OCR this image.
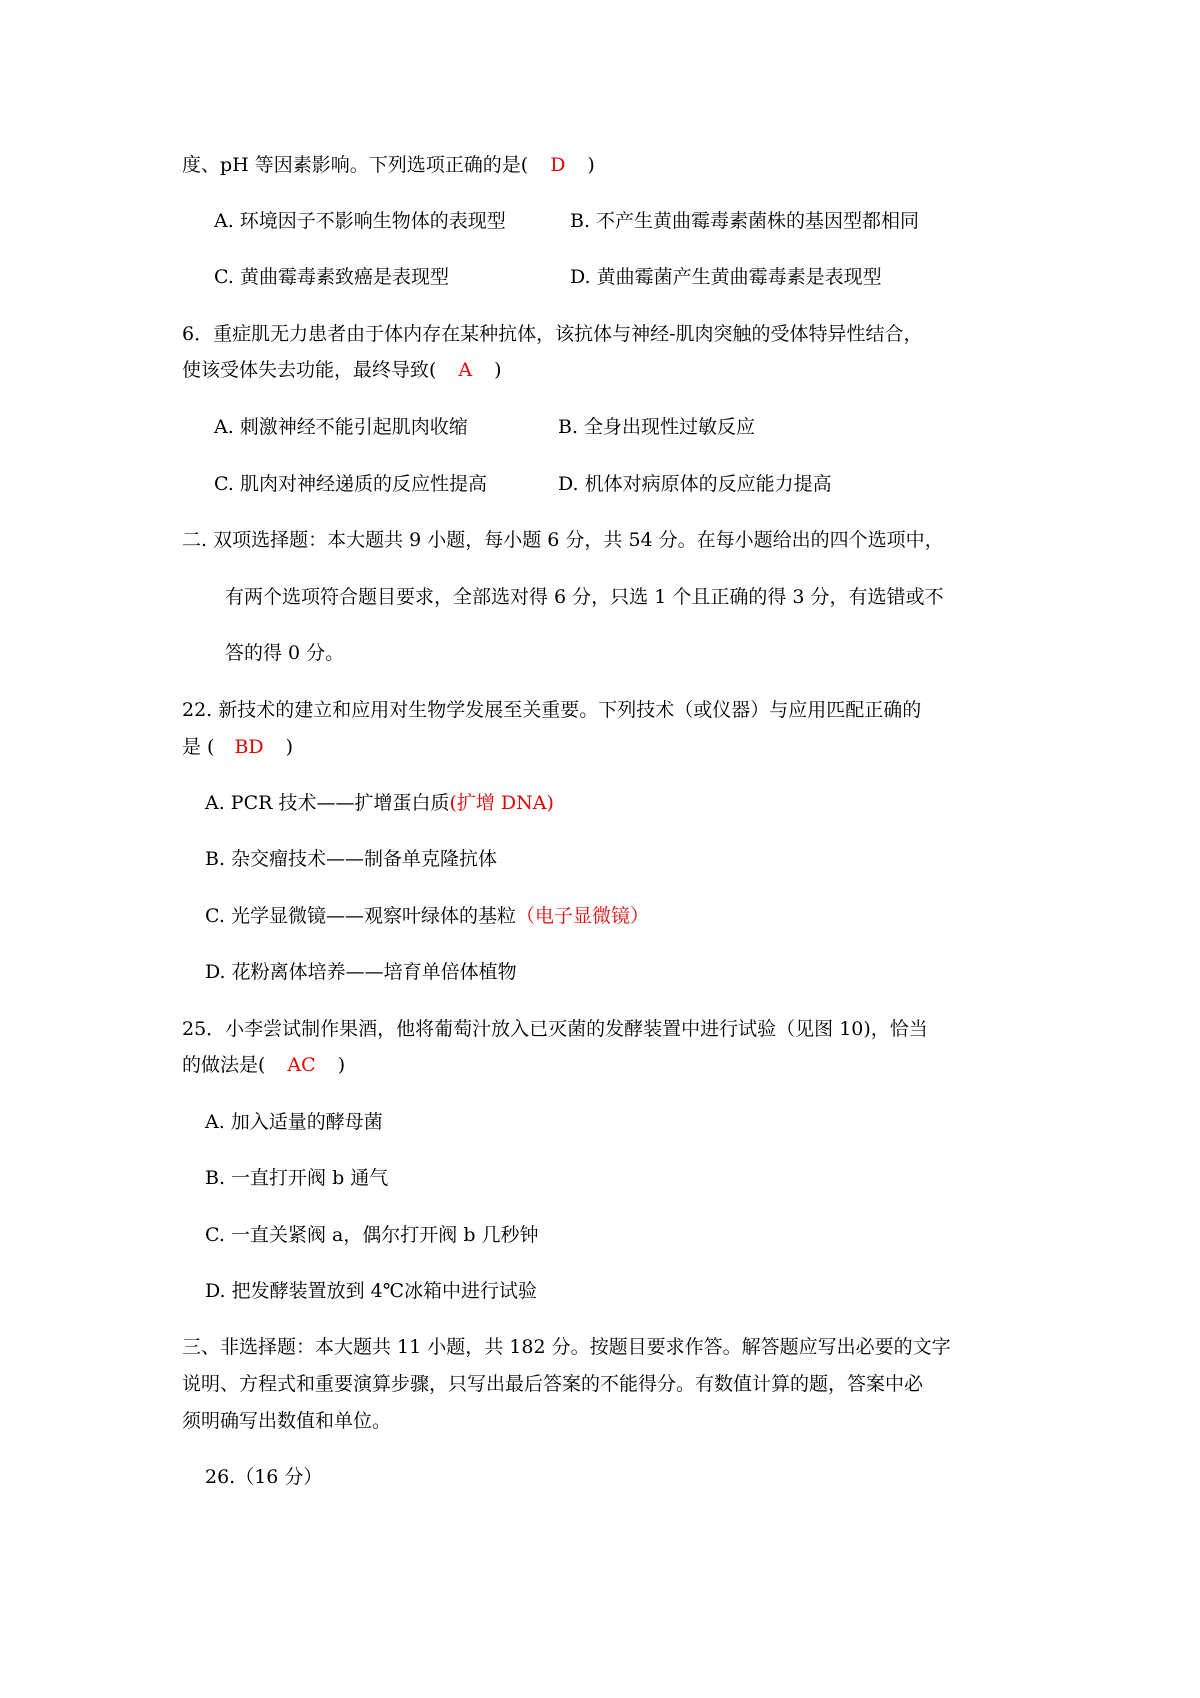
度、pH 等因素影响。下列选项正确的是( D )
A. 环境因子不影响生物体的表现型	B. 不产生黄曲霉毒素菌株的基因型都相同
C. 黄曲霉毒素致癌是表现型	D. 黄曲霉菌产生黄曲霉毒素是表现型
6．重症肌无力患者由于体内存在某种抗体，该抗体与神经-肌肉突触的受体特异性结合，
使该受体失去功能，最终导致( A )
A. 刺激神经不能引起肌肉收缩	B. 全身出现性过敏反应
C. 肌肉对神经递质的反应性提高	D. 机体对病原体的反应能力提高
二. 双项选择题：本大题共 9 小题，每小题 6 分，共 54 分。在每小题给出的四个选项中，
有两个选项符合题目要求，全部选对得 6 分，只选 1 个且正确的得 3 分，有选错或不
答的得 0 分。
22. 新技术的建立和应用对生物学发展至关重要。下列技术（或仪器）与应用匹配正确的
是 ( BD )
A. PCR 技术——扩增蛋白质(扩增 DNA)
B. 杂交瘤技术——制备单克隆抗体
C. 光学显微镜——观察叶绿体的基粒（电子显微镜）
D. 花粉离体培养——培育单倍体植物
25．小李尝试制作果酒，他将葡萄汁放入已灭菌的发酵装置中进行试验（见图 10)，恰当
的做法是( AC )
A. 加入适量的酵母菌
B. 一直打开阀 b 通气
C. 一直关紧阀 a，偶尔打开阀 b 几秒钟
D. 把发酵装置放到 4℃冰箱中进行试验
三、非选择题：本大题共 11 小题，共 182 分。按题目要求作答。解答题应写出必要的文字
说明、方程式和重要演算步骤，只写出最后答案的不能得分。有数值计算的题，答案中必
须明确写出数值和单位。
26.（16 分）
